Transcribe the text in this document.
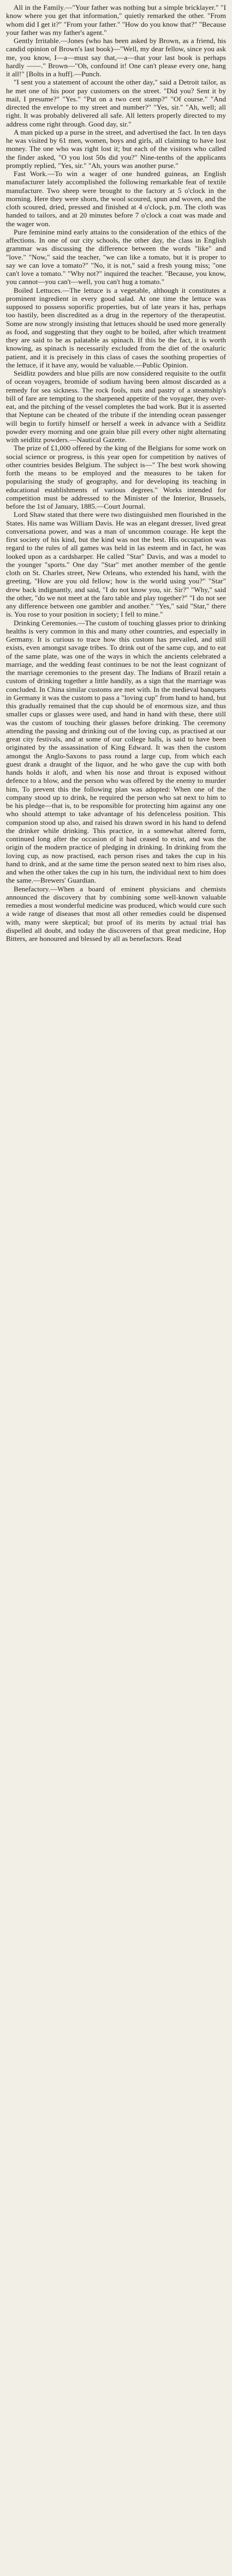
All in the Family.—"Your father was nothing but a simple bricklayer." "I know where you get that information," quietly remarked the other. "From whom did I get it?" "From your father." "How do you know that?" "Because your father was my father's agent."

Gently Irritable.—Jones (who has been asked by Brown, as a friend, his candid opinion of Brown's last book)—"Well, my dear fellow, since you ask me, you know, I—a—must say that,—a—that your last book is perhaps hardly ——." Brown—"Oh, confound it! One can't please every one, hang it all!" [Bolts in a huff].—Punch.

"I sent you a statement of account the other day," said a Detroit tailor, as he met one of his poor pay customers on the street. "Did you? Sent it by mail, I presume?" "Yes." "Put on a two cent stamp?" "Of course." "And directed the envelope to my street and number?" "Yes, sir." "Ah, well; all right. It was probably delivered all safe. All letters properly directed to my address come right through. Good day, sir."

A man picked up a purse in the street, and advertised the fact. In ten days he was visited by 61 men, women, boys and girls, all claiming to have lost money. The one who was right lost it; but each of the visitors who called the finder asked, "O you lost 50s did you?" Nine-tenths of the applicants promptly replied, "Yes, sir." "Ah, yours was another purse."

Fast Work.—To win a wager of one hundred guineas, an English manufacturer lately accomplished the following remarkable feat of textile manufacture. Two sheep were brought to the factory at 5 o'clock in the morning. Here they were shorn, the wool scoured, spun and woven, and the cloth scoured, dried, pressed and finished at 4 o'clock, p.m. The cloth was handed to tailors, and at 20 minutes before 7 o'clock a coat was made and the wager won.

Pure feminine mind early attains to the consideration of the ethics of the affections. In one of our city schools, the other day, the class in English grammar was discussing the difference between the words "like" and "love." "Now," said the teacher, "we can like a tomato, but it is proper to say we can love a tomato?" "No, it is not," said a fresh young miss; "one can't love a tomato." "Why not?" inquired the teacher. "Because, you know, you cannot—you can't—well, you can't hug a tomato."

Boiled Lettuces.—The lettuce is a vegetable, although it constitutes a prominent ingredient in every good salad. At one time the lettuce was supposed to possess soporific properties, but of late years it has, perhaps too hastily, been discredited as a drug in the repertory of the therapeutist. Some are now strongly insisting that lettuces should be used more generally as food, and suggesting that they ought to be boiled, after which treatment they are said to be as palatable as spinach. If this be the fact, it is worth knowing, as spinach is necessarily excluded from the diet of the oxaluric patient, and it is precisely in this class of cases the soothing properties of the lettuce, if it have any, would be valuable.—Public Opinion.

Seidlitz powders and blue pills are now considered requisite to the outfit of ocean voyagers, bromide of sodium having been almost discarded as a remedy for sea sickness. The rock fools, nuts and pastry of a steamship's bill of fare are tempting to the sharpened appetite of the voyager, they over-eat, and the pitching of the vessel completes the bad work. But it is asserted that Neptune can be cheated of the tribute if the intending ocean passenger will begin to fortify himself or herself a week in advance with a Seidlitz powder every morning and one grain blue pill every other night alternating with seidlitz powders.—Nautical Gazette.

The prize of £1,000 offered by the king of the Belgians for some work on social science or progress, is this year open for competition by natives of other countries besides Belgium. The subject is—" The best work showing forth the means to be employed and the measures to be taken for popularising the study of geography, and for developing its teaching in educational establishments of various degrees." Works intended for competition must be addressed to the Minister of the Interior, Brussels, before the 1st of January, 1885.—Court Journal.

Lord Shaw stated that there were two distinguished men flourished in the States. His name was William Davis. He was an elegant dresser, lived great conversationa power, and was a man of uncommon courage. He kept the first society of his kind, but the kind was not the best. His occupation was regard to the rules of all games was held in las esteem and in fact, he was looked upon as a cardsharper. He called "Star" Davis, and was a model to the younger "sports." One day "Star" met another member of the gentle cloth on St. Charles street, New Orleans, who extended his hand, with the greeting, "How are you old fellow; how is the world using you?" "Star" drew back indignantly, and said, "I do not know you, sir. Sir?" "Why," said the other, "do we not meet at the faro table and play together?" "I do not see any difference between one gambler and another." "Yes," said "Star," there is. You rose to your position in society; I fell to mine."

Drinking Ceremonies.—The custom of touching glasses prior to drinking healths is very common in this and many other countries, and especially in Germany. It is curious to trace how this custom has prevailed, and still exists, even amongst savage tribes. To drink out of the same cup, and to eat of the same plate, was one of the ways in which the ancients celebrated a marriage, and the wedding feast continues to be not the least cognizant of the marriage ceremonies to the present day. The Indians of Brazil retain a custom of drinking together a little handily, as a sign that the marriage was concluded. In China similar customs are met with. In the medieval banquets in Germany it was the custom to pass a "loving cup" from hand to hand, but this gradually remained that the cup should be of enormous size, and thus smaller cups or glasses were used, and hand in hand with these, there still was the custom of touching their glasses before drinking. The ceremony attending the passing and drinking out of the loving cup, as practised at our great city festivals, and at some of our college halls, is said to have been originated by the assassination of King Edward. It was then the custom amongst the Anglo-Saxons to pass round a large cup, from which each guest drank a draught of the liquor, and he who gave the cup with both hands holds it aloft, and when his nose and throat is exposed without defence to a blow, and the person who was offered by the enemy to murder him, To prevent this the following plan was adopted: When one of the company stood up to drink, he required the person who sat next to him to be his pledge—that is, to be responsible for protecting him against any one who should attempt to take advantage of his defenceless position. This companion stood up also, and raised his drawn sword in his hand to defend the drinker while drinking. This practice, in a somewhat altered form, continued long after the occasion of it had ceased to exist, and was the origin of the modern practice of pledging in drinking. In drinking from the loving cup, as now practised, each person rises and takes the cup in his hand to drink, and at the same time the person seated next to him rises also, and when the other takes the cup in his turn, the individual next to him does the same.—Brewers' Guardian.

Benefactory.—When a board of eminent physicians and chemists announced the discovery that by combining some well-known valuable remedies a most wonderful medicine was produced, which would cure such a wide range of diseases that most all other remedies could be dispensed with, many were skeptical; but proof of its merits by actual trial has dispelled all doubt, and today the discoverers of that great medicine, Hop Bitters, are honoured and blessed by all as benefactors. Read
